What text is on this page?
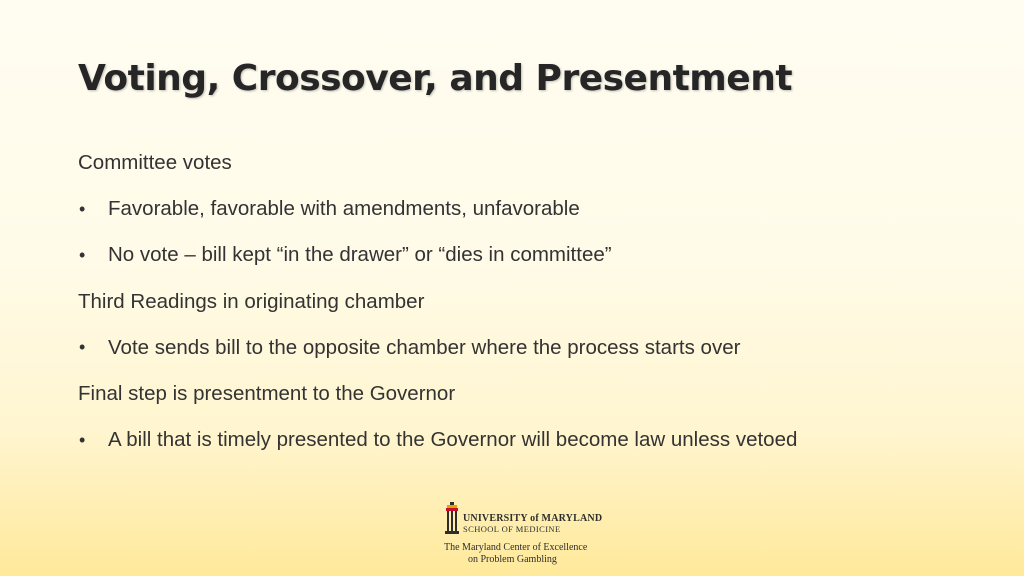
Voting, Crossover, and Presentment
Committee votes
•	Favorable, favorable with amendments, unfavorable
•	No vote – bill kept “in the drawer” or “dies in committee”
Third Readings in originating chamber
•	Vote sends bill to the opposite chamber where the process starts over
Final step is presentment to the Governor
•	A bill that is timely presented to the Governor will become law unless vetoed
UNIVERSITY of MARYLAND
SCHOOL OF MEDICINE
The Maryland Center of Excellence
on Problem Gambling
